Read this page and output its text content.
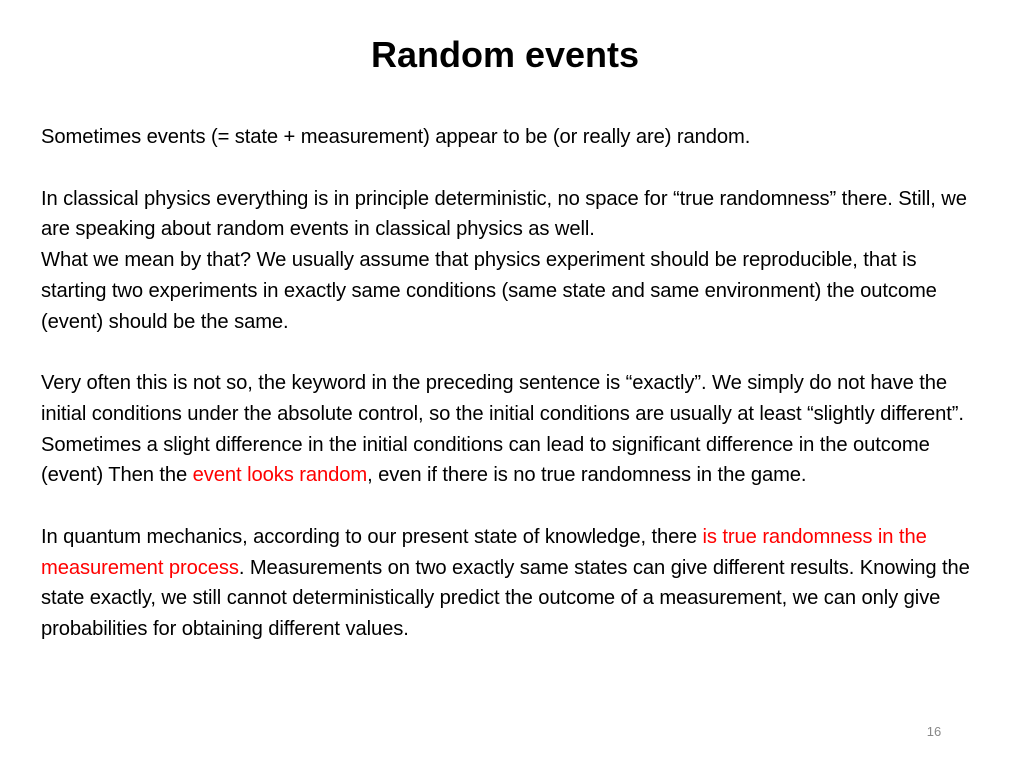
Random events

Sometimes events (= state + measurement) appear to be (or really are) random.

In classical physics everything is in principle deterministic, no space for “true randomness” there. Still, we are speaking about random events in classical physics as well.

What we mean by that? We usually assume that physics experiment should be reproducible, that is starting two experiments in exactly same conditions (same state and same environment) the outcome (event) should be the same.

Very often this is not so, the keyword in the preceding sentence is “exactly”. We simply do not have the initial conditions under the absolute control, so the initial conditions are usually at least “slightly different”. Sometimes a slight difference in the initial conditions can lead to significant difference in the outcome (event) Then the event looks random, even if there is no true randomness in the game.

In quantum mechanics, according to our present state of knowledge, there is true randomness in the measurement process. Measurements on two exactly same states can give different results. Knowing the state exactly, we still cannot deterministically predict the outcome of a measurement, we can only give probabilities for obtaining different values.

16
